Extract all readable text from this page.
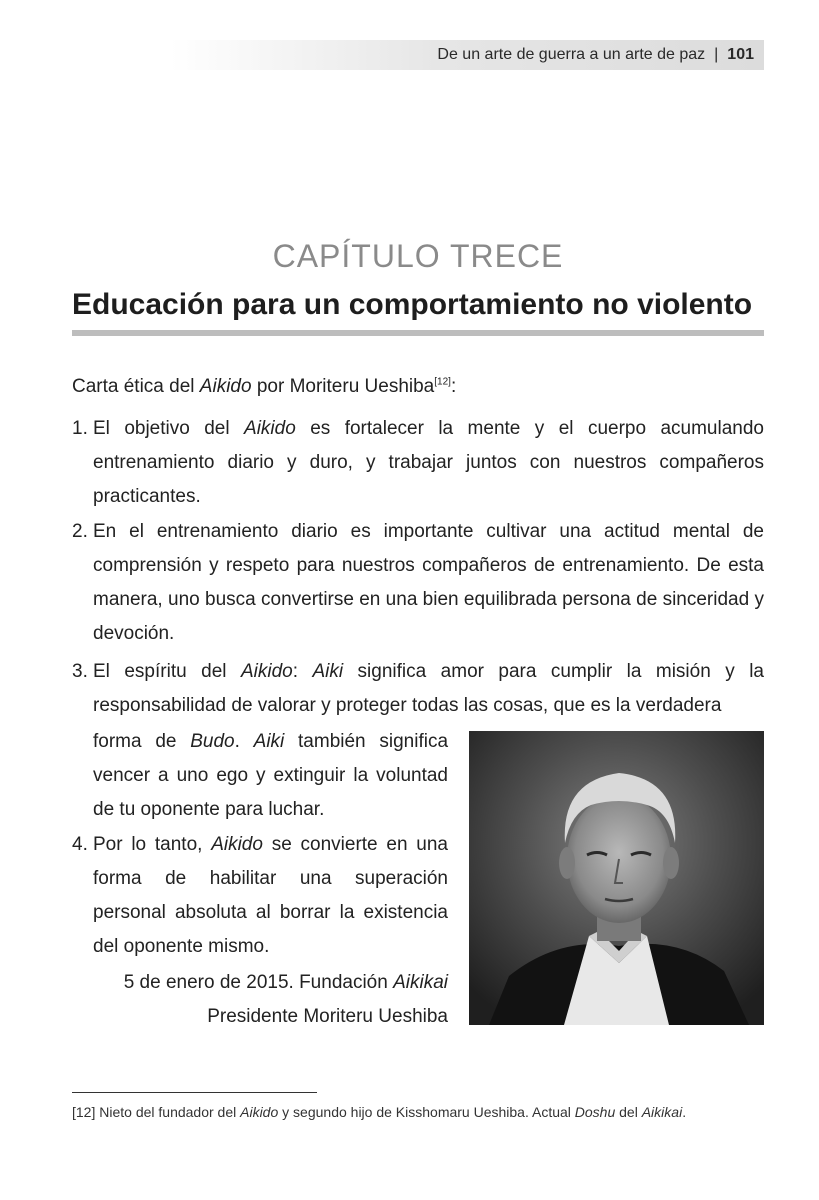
De un arte de guerra a un arte de paz | 101
CAPÍTULO TRECE
Educación para un comportamiento no violento
Carta ética del Aikido por Moriteru Ueshiba[12]:
1. El objetivo del Aikido es fortalecer la mente y el cuerpo acumulando entrenamiento diario y duro, y trabajar juntos con nuestros compañeros practicantes.
2. En el entrenamiento diario es importante cultivar una actitud mental de comprensión y respeto para nuestros compañeros de entrenamiento. De esta manera, uno busca convertirse en una bien equilibrada persona de sinceridad y devoción.
3. El espíritu del Aikido: Aiki significa amor para cumplir la misión y la responsabilidad de valorar y proteger todas las cosas, que es la verdadera
forma de Budo. Aiki también significa vencer a uno ego y extinguir la voluntad de tu oponente para luchar.
4. Por lo tanto, Aikido se convierte en una forma de habilitar una superación personal absoluta al borrar la existencia del oponente mismo.
5 de enero de 2015. Fundación Aikikai
Presidente Moriteru Ueshiba
[12] Nieto del fundador del Aikido y segundo hijo de Kisshomaru Ueshiba. Actual Doshu del Aikikai.
